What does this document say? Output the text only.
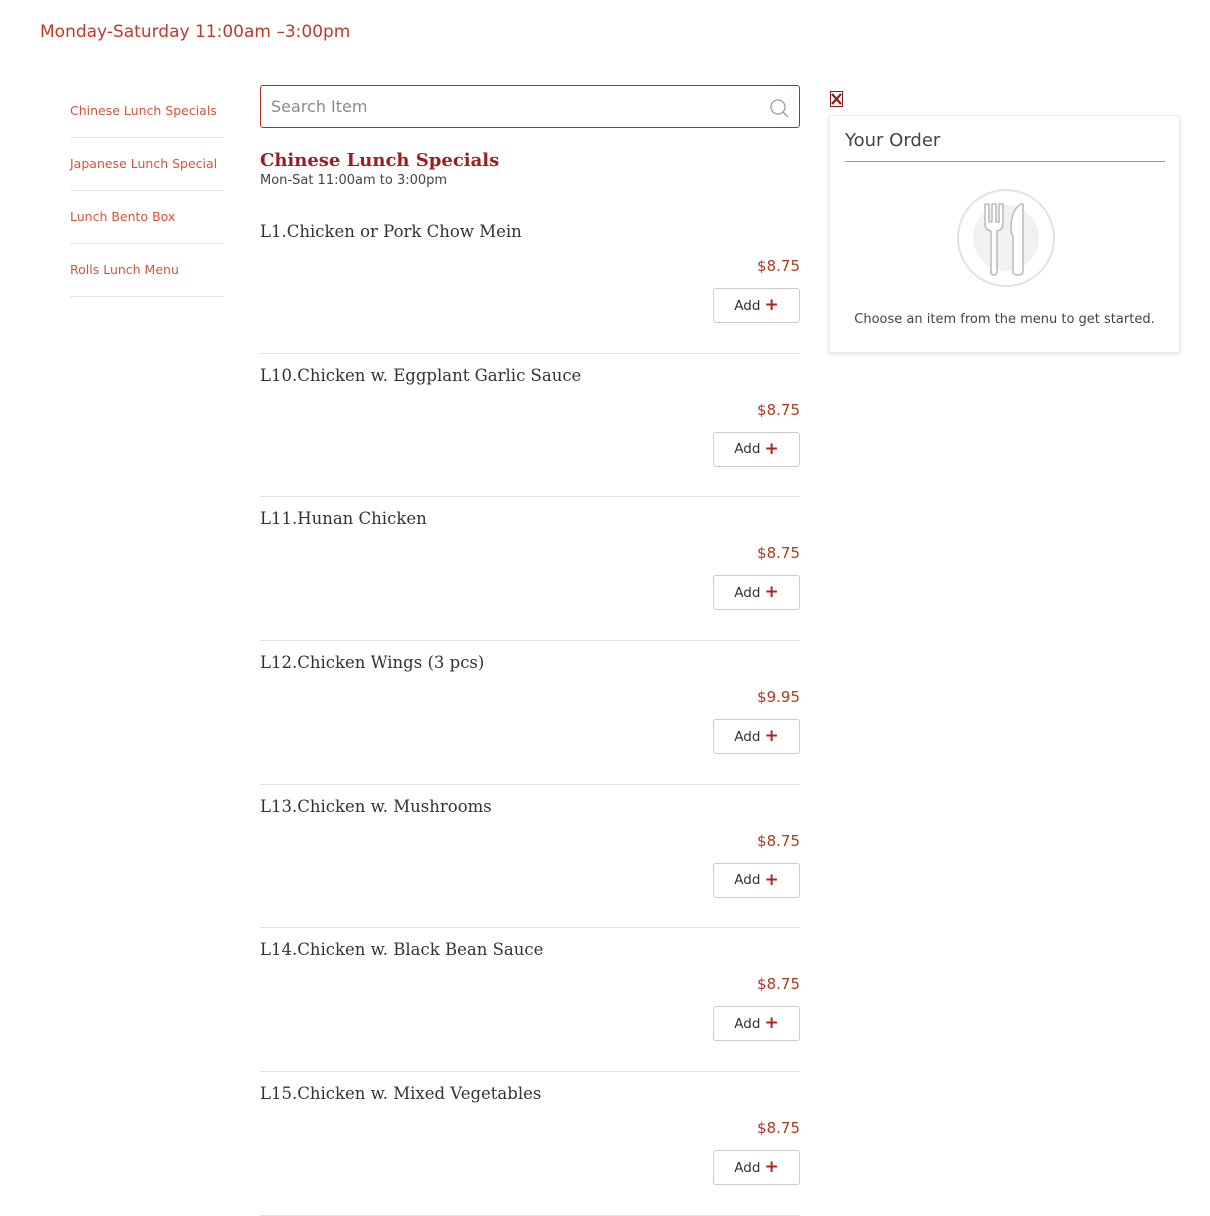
Monday-Saturday 11:00am –3:00pm
Chinese Lunch Specials
Japanese Lunch Special
Lunch Bento Box
Rolls Lunch Menu
Search Item
Chinese Lunch Specials
Mon-Sat 11:00am to 3:00pm
L1.Chicken or Pork Chow Mein
$8.75
Add +
L10.Chicken w. Eggplant Garlic Sauce
$8.75
Add +
L11.Hunan Chicken
$8.75
Add +
L12.Chicken Wings (3 pcs)
$9.95
Add +
L13.Chicken w. Mushrooms
$8.75
Add +
L14.Chicken w. Black Bean Sauce
$8.75
Add +
L15.Chicken w. Mixed Vegetables
$8.75
Add +
Your Order
Choose an item from the menu to get started.
